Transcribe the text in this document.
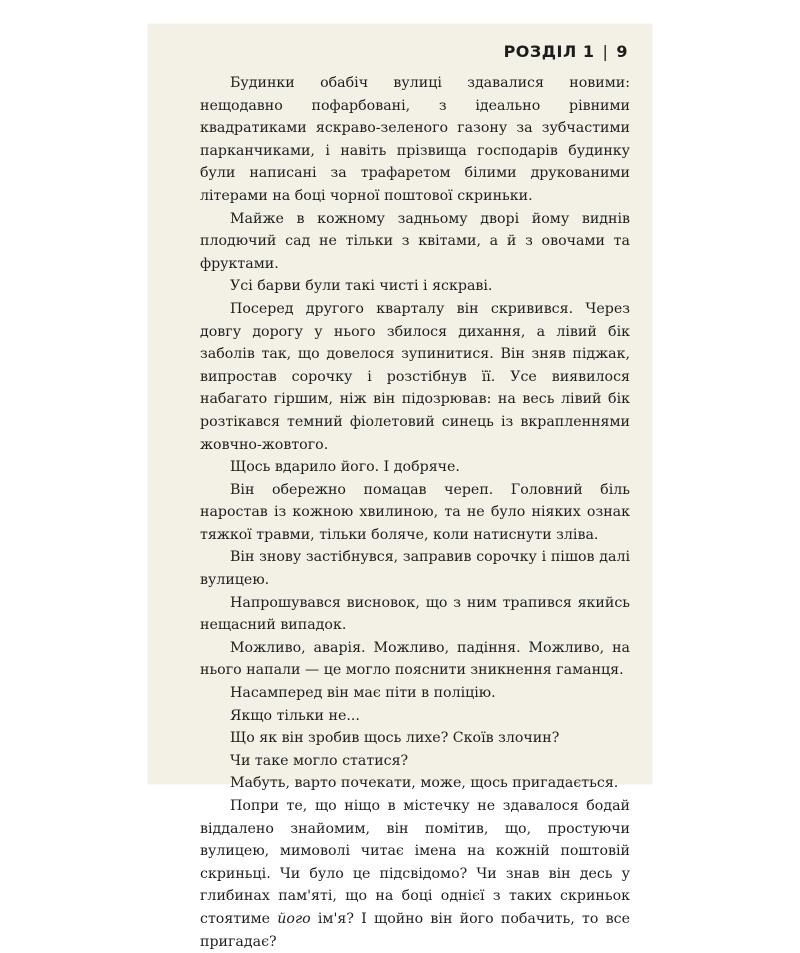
РОЗДІЛ 1 | 9

Будинки обабіч вулиці здавалися новими: нещодавно пофарбовані, з ідеально рівними квадратиками яскраво-зеленого газону за зубчастими парканчиками, і навіть прізвища господарів будинку були написані за трафаретом білими друкованими літерами на боці чорної поштової скриньки.

Майже в кожному задньому дворі йому виднів плодючий сад не тільки з квітами, а й з овочами та фруктами.

Усі барви були такі чисті і яскраві.

Посеред другого кварталу він скривився. Через довгу дорогу у нього збилося дихання, а лівий бік заболів так, що довелося зупинитися. Він зняв піджак, випростав сорочку і розстібнув її. Усе виявилося набагато гіршим, ніж він підозрював: на весь лівий бік розтікався темний фіолетовий синець із вкрапленнями жовчно-жовтого.

Щось вдарило його. І добряче.

Він обережно помацав череп. Головний біль наростав із кожною хвилиною, та не було ніяких ознак тяжкої травми, тільки боляче, коли натиснути зліва.

Він знову застібнувся, заправив сорочку і пішов далі вулицею.

Напрошувався висновок, що з ним трапився якийсь нещасний випадок.

Можливо, аварія. Можливо, падіння. Можливо, на нього напали — це могло пояснити зникнення гаманця.

Насамперед він має піти в поліцію.

Якщо тільки не...

Що як він зробив щось лихе? Скоїв злочин?

Чи таке могло статися?

Мабуть, варто почекати, може, щось пригадається.

Попри те, що ніщо в містечку не здавалося бодай віддалено знайомим, він помітив, що, простуючи вулицею, мимоволі читає імена на кожній поштовій скриньці. Чи було це підсвідомо? Чи знав він десь у глибинах пам'яті, що на боці однієї з таких скриньок стоятиме його ім'я? І щойно він його побачить, то все пригадає?
